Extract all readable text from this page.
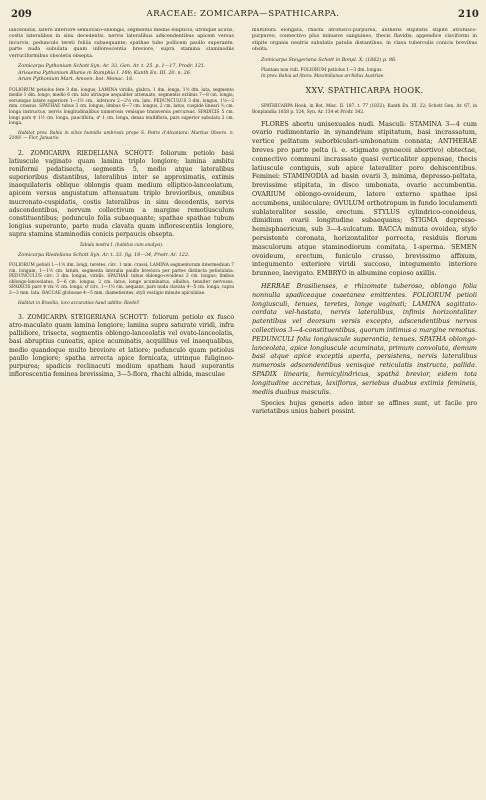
209	ARACEAE: ZOMICARPA—SPATHICARPA.	210

lanceolatis, latere inferiore semiovato-oblongis, segmentis mediis ellipticis, utrinque acutis, costis lateralibus in sinu decedentis, nervis lateralibus adscendentibus apicem versus incurvis, pedunculo tereti foliiis subaequante; spathae tubo pollicem paullo superante, parte nuda subulata quam inflorescentia breviore, supra stamina staminodiis verruciformibus obsoletis obsepta.

Zomicarpa Pythonium Schott Syn. Ar. 33, Gen. Ar. t. 25. p. 1—17, Prodr. 121.

Arisaema Pythonium Blume in Rumphia I. 108; Kunth En. III. 20. n. 26.

Arum Pythonium Mart. Amoen. bot. Monac. 18.

FOLIORUM petiolus fere 3 dm. longus; LAMINA viridis, glabra, 1 dm. longa, 1½ dm. lata, segmento medio 1 dm. longo, medio 6 cm. lato utrinque aequaliter attenuato, segmentis extimis 7—8 cm. longis, eorumque latere superiore 1—1½ cm., inferiore 2—2½ cm. lato. PEDUNCULUS 3 dm. longus, 1½—2 mm. crassus. SPATHAE tubus 3 cm. longus; limbus 6—7 cm. longus, 2 cm. latus, cuspide lineari ⅓ cm. longa instructus, nervis longitudinalibus numerosis venisque transversis percursus. SPADICIS 5 cm. longi pars ♀ 1½ cm. longa, pauciflora; ♂ 1 cm. longa, densa multiflora, pars superior subulata 2 cm. longa.

Habitat prov. Bahia in silvis humidis umbrosis prope S. Pedro d'Alcantara: Martius Obsero. n. 2106! — Flor. Januario.

2. ZOMICARPA RIEDELIANA SCHOTT: foliorum petiolo basi latiuscule vaginato quam lamina triplo longiore; lamina ambitu reniformi pedatisecta, segmentis 5, medio atque lateralibus superioribus distantibus, lateralibus inter se approximatis, extimis inaequilateris oblique oblongis quam medium elliptico-lanceolatum, apicem versus angustatum attenuatum triplo brevioribus, omnibus mucronato-cuspidatis, costis lateralibus in sinu decedentis, nervis adscendentibus, nervum collectivum a margine remotiusculum constituentibus; pedunculo folia subaequante; spathae spathae tubum longius superante, parte nuda clavata quam inflorescentiis longiore, supra stamina staminodiis conicis perpaucis obsepta.

Tabula nostra I. (habitus cum analysi).

Zomicarpa Riedeliana Schott Syn. Ar. t. 33. fig. 18—34, Prodr. Ar. 122.

FOLIORUM petioli 1—1½ dm. longi, teretes, circ. 1 mm. crassi; LAMINA segmentorum intermedium 7 cm. longum, 1—1½ cm. latum, segmenta lateralia paullo breviora per partes distincta petiolulata. PEDUNCULUS circ. 3 dm. longus, viridis. SPATHAE tubus oblongo-ovoideus 3 cm. longus; limbus oblongo-lanceolatus, 5—6 cm. longus, 2 cm. latus, longe acuminatus, albidus, tenuiter nervosus. SPADICIS pars ♀ vix ½ cm. longa, ♂ circ. 1—1½ cm. aequans, pars nuda clavata 4—5 cm. longa, capra 2—3 mm. lata. BACCAE globosae 4—5 mm. diametientes, styli vestigio minute apiculatae.

Habitat in Brasilia, loco accuratius haud addito: Riedel!

3. ZOMICARPA STEIGERIANA SCHOTT: foliorum petiolo ex fusco atro-maculato quam lamina longiore; lamina supra saturate viridi, infra pallidiore, trisecta, segmentis oblongo-lanceolatis vel ovato-lanceolatis, basi abruptius cuneatis, apice acuminatis, acquilibus vel inaequalibus, medio quandoque multo breviore et latiore; pedunculo quam petiolus paullo longiore; spatha arrecta apice fornicata, utrinque fuligineo-purpurea; spadicis reclinacuti medium spatham haud superantis inflorescentia feminea brevissima, 3—5-flora, rhachi albida, masculae

multiflora elongata, rhachi atrofusco-purpurea, antheris stipitatis stipite atrofusco-purpureo, connectivo plus minusve sanguineo, thecis flavidis; appendice claviformi in stipite organis neutris subulatis patulis distantibus, in clava tuberculis conicis brevibus obsita.

Zomicarpa Steigeriana Schott in Bonpl. X. (1862) p. 86.

Plantam non vidi. FOLIORUM petiolus 1—3 dm. longus.

In prov. Bahia ad litora: Maximilianus archidux Austriae.

XXV. SPATHICARPA HOOK.

SPATHICARPA Hook. in Bot. Misc. II. 187. t. 77 (1832); Kunth En. III. 22; Schott Gen. Ar. 67, in Bonplandia 1858 p. 124, Syn. Ar. 134 et Prodr. 342.

FLORES abortu unisexuales nudi. Masculi: STAMINA 3—4 cum ovario rudimentario in synandrium stipitatum, basi incrassatum, vertice peltatum suborbiculari-umbonatum connata; ANTHERAE breves pro parte pelta (i. e. stigmate gynoecei abortivo) obtectae, connectivo communi incrassato quasi verticaliter appensae, thecis latiuscule contiguis, sub apice lateraliter poro dehiscentibus. Feminei: STAMINODIA ad basin ovarii 3, minima, depresso-peltata, brevissime stipitata, in disco umbonata, ovario accumbentia. OVARIUM oblongo-ovoideum, latere externo spathae ipsi accumbens, uniloculare; OVULUM orthotropum in fundo loculamenti sublateraliter sessile, erectum. STYLUS cylindrico-conoideus, dimidium ovarii longitudine subaequans; STIGMA depresso-hemisphaericum, sub 3—4-sulcatum. BACCA minuta ovoidea, stylo persistente coronata, horizontaliter porrecta, residuis florum masculorum atque staminodiorum comitata, 1-sperma. SEMEN ovoideum, erectum, funiculo crasso, brevissimo affixum, integumento exteriore viridi succoso, integumento interiore brunneo, laevigato. EMBRYO in albumine copioso axillis.

HERBAE Brasilienses, e rhizomate tuberoso, oblongo folia nonnulla spadiceaque coaetanea emittentes. FOLIORUM petioli longiusculi, tenues, teretes, longe vaginati; LAMINA sagittato-cordata vel-hastata, nervis lateralibus, infimis horizontaliter patentibus vel deorsum versis excepto, adscendentibus nervos collectivos 3—4-constituentibus, quorum intimus a margine remotus. PEDUNCULI folia longiuscule superantia, tenues. SPATHA oblongo-lanceolata, apice longiuscule acuminata, primum convoluta, demum basi atque apice exceptis aperta, persistens, nervis lateralibus numerosis adscendentibus venisque reticulatis instructa, pallida. SPADIX linearis, hemicylindricus, spathâ brevior, eidem tota longitudine accretus, laxiflorus, seriebus duabus extimis femineis, mediis duabus masculis.

Species hujus generis adeo inter se affines sunt, ut facile pro varietatibus unius haberi possint.
